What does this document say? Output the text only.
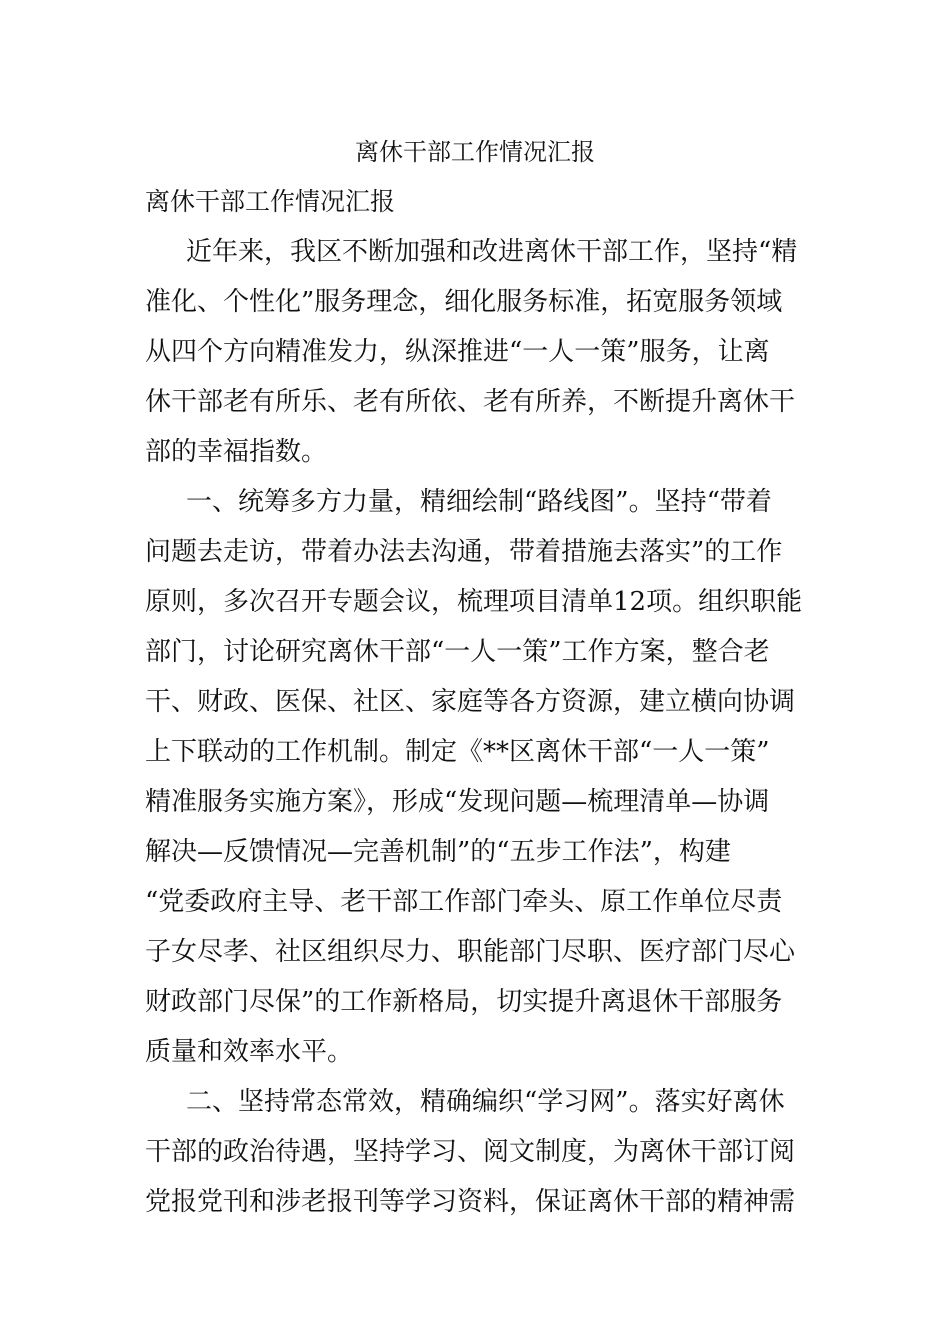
离休干部工作情况汇报
离休干部工作情况汇报
近年来，我区不断加强和改进离休干部工作，坚持“精
准化、个性化”服务理念，细化服务标准，拓宽服务领域
从四个方向精准发力，纵深推进“一人一策”服务，让离
休干部老有所乐、老有所依、老有所养，不断提升离休干
部的幸福指数。
一、统筹多方力量，精细绘制“路线图”。坚持“带着
问题去走访，带着办法去沟通，带着措施去落实”的工作
原则，多次召开专题会议，梳理项目清单12项。组织职能
部门，讨论研究离休干部“一人一策”工作方案，整合老
干、财政、医保、社区、家庭等各方资源，建立横向协调
上下联动的工作机制。制定《**区离休干部“一人一策”
精准服务实施方案》，形成“发现问题—梳理清单—协调
解决—反馈情况—完善机制”的“五步工作法”，构建
“党委政府主导、老干部工作部门牵头、原工作单位尽责
子女尽孝、社区组织尽力、职能部门尽职、医疗部门尽心
财政部门尽保”的工作新格局，切实提升离退休干部服务
质量和效率水平。
二、坚持常态常效，精确编织“学习网”。落实好离休
干部的政治待遇，坚持学习、阅文制度，为离休干部订阅
党报党刊和涉老报刊等学习资料，保证离休干部的精神需
